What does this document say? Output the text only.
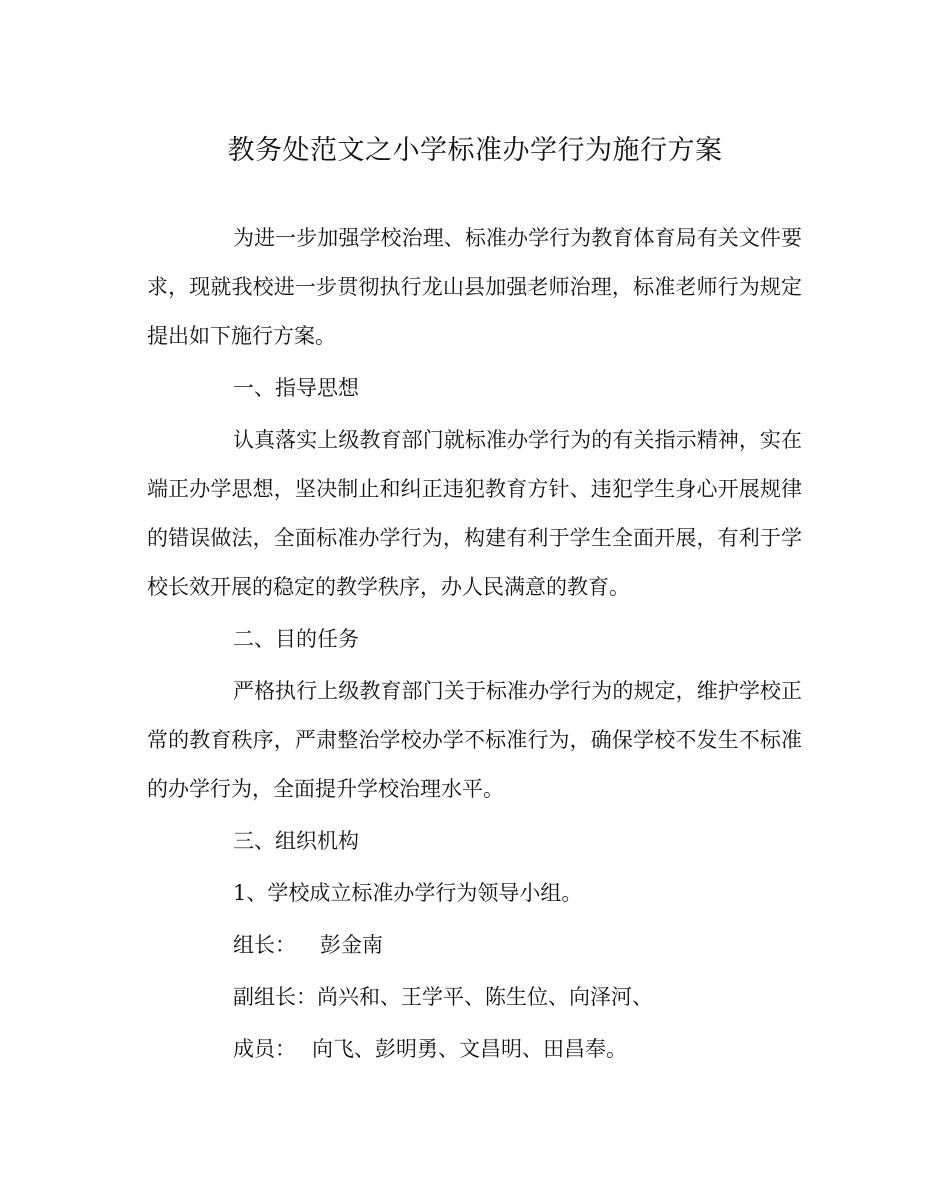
教务处范文之小学标准办学行为施行方案

为进一步加强学校治理、标准办学行为教育体育局有关文件要求，现就我校进一步贯彻执行龙山县加强老师治理，标准老师行为规定提出如下施行方案。

一、指导思想

认真落实上级教育部门就标准办学行为的有关指示精神，实在端正办学思想，坚决制止和纠正违犯教育方针、违犯学生身心开展规律的错误做法，全面标准办学行为，构建有利于学生全面开展，有利于学校长效开展的稳定的教学秩序，办人民满意的教育。

二、目的任务

严格执行上级教育部门关于标准办学行为的规定，维护学校正常的教育秩序，严肃整治学校办学不标准行为，确保学校不发生不标准的办学行为，全面提升学校治理水平。

三、组织机构

1、学校成立标准办学行为领导小组。

组长： 彭金南

副组长：尚兴和、王学平、陈生位、向泽河、

成员： 向飞、彭明勇、文昌明、田昌奉。
